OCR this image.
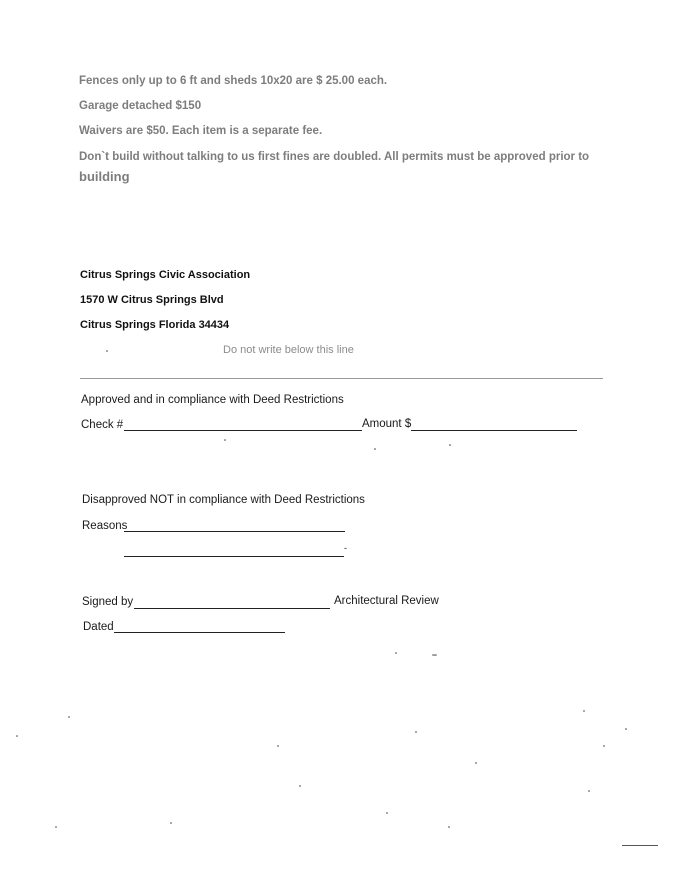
Fences only up to 6 ft and sheds 10x20 are $ 25.00 each.
Garage detached $150
Waivers are $50. Each item is a separate fee.
Don`t build without talking to us first fines are doubled. All permits must be approved prior to
building
Citrus Springs Civic Association
1570 W Citrus Springs Blvd
Citrus Springs Florida 34434
Do not write below this line
Approved and in compliance with Deed Restrictions
Check #	Amount $
Disapproved NOT in compliance with Deed Restrictions
Reasons
-
Signed by	Architectural Review
Dated
